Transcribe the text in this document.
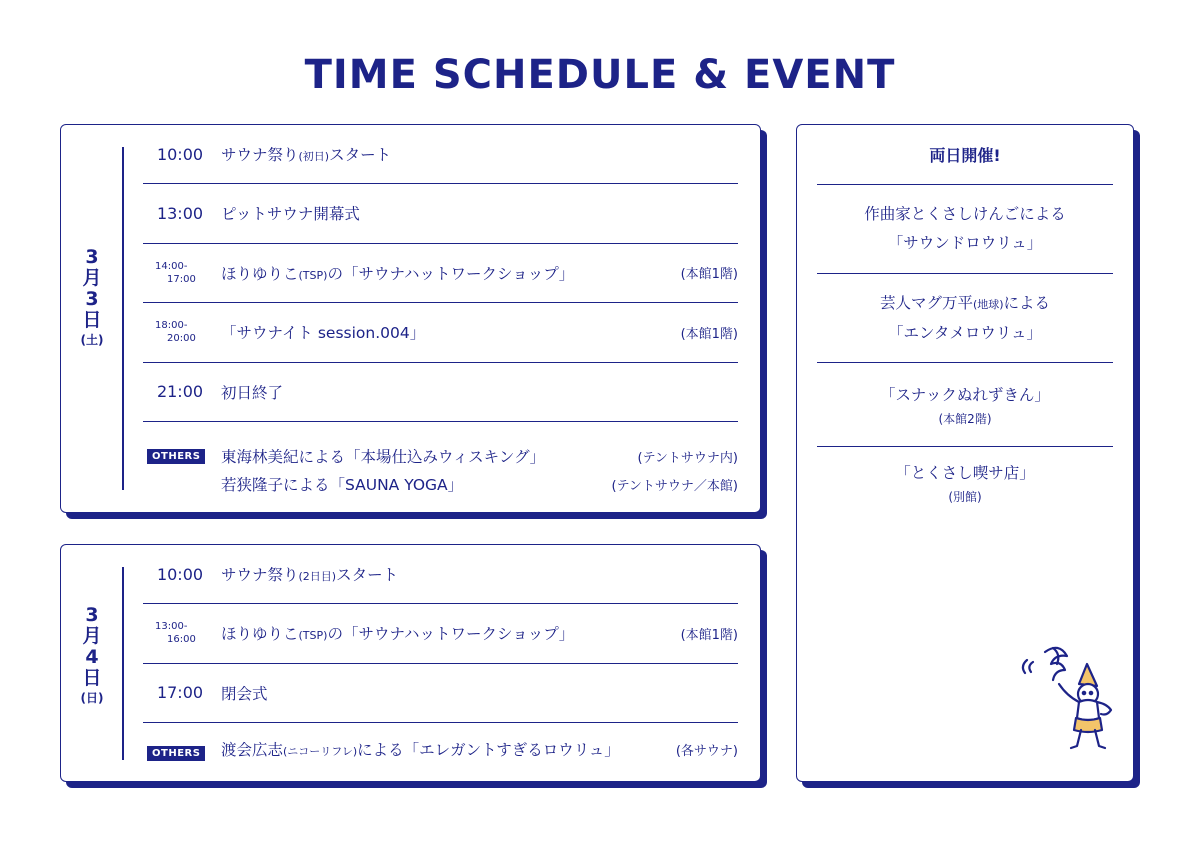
TIME SCHEDULE & EVENT
3
月
3
日
(土)
10:00	サウナ祭り(初日)スタート
13:00	ピットサウナ開幕式
14:00-
17:00	ほりゆりこ(TSP)の「サウナハットワークショップ」	(本館1階)
18:00-
20:00	「サウナイト session.004」	(本館1階)
21:00	初日終了
OTHERS	東海林美紀による「本場仕込みウィスキング」	(テントサウナ内)
若狭隆子による「SAUNA YOGA」	(テントサウナ／本館)
3
月
4
日
(日)
10:00	サウナ祭り(2日目)スタート
13:00-
16:00	ほりゆりこ(TSP)の「サウナハットワークショップ」	(本館1階)
17:00	閉会式
OTHERS	渡会広志(ニコーリフレ)による「エレガントすぎるロウリュ」	(各サウナ)
両日開催!
作曲家とくさしけんごによる
「サウンドロウリュ」
芸人マグ万平(地球)による
「エンタメロウリュ」
「スナックぬれずきん」
(本館2階)
「とくさし喫サ店」
(別館)
